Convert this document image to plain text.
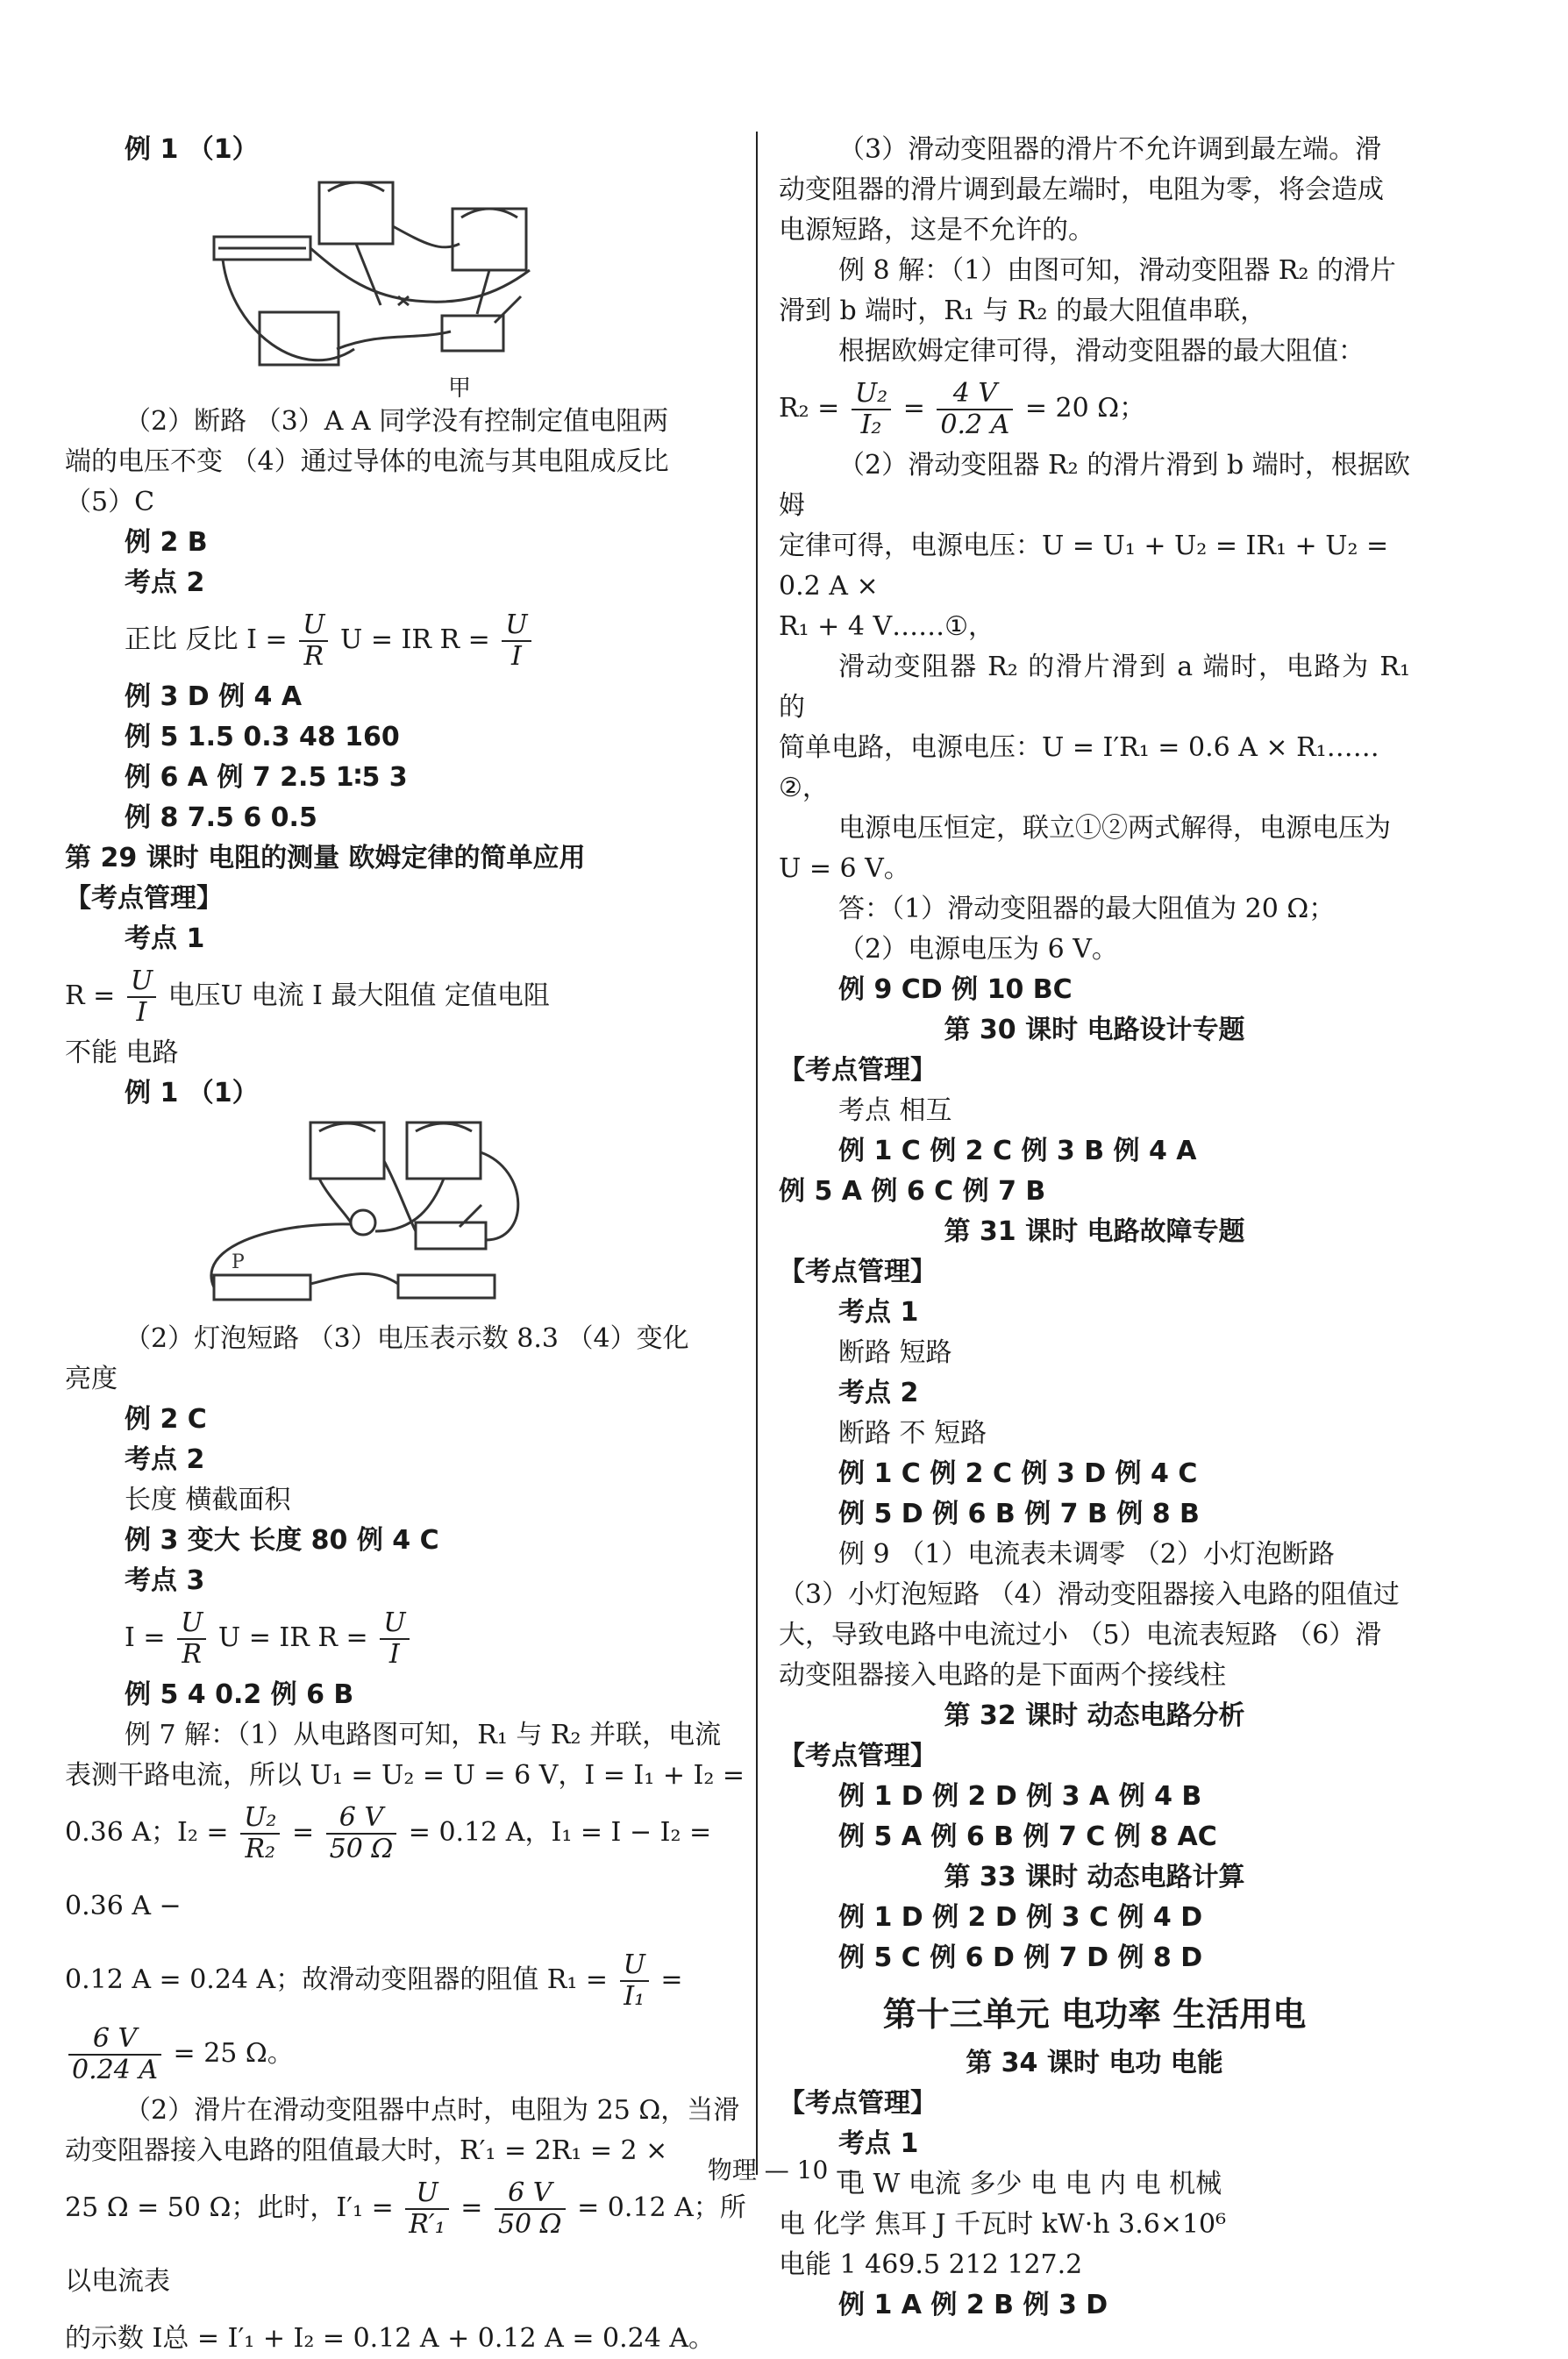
例 1 （1）
甲
（2）断路 （3）A A 同学没有控制定值电阻两
端的电压不变 （4）通过导体的电流与其电阻成反比
（5）C
例 2 B
考点 2
正比 反比 $I = \frac{U}{R}$ U = IR $R = \frac{U}{I}$
例 3 D 例 4 A
例 5 1.5 0.3 48 160
例 6 A 例 7 2.5 1∶5 3
例 8 7.5 6 0.5
第 29 课时 电阻的测量 欧姆定律的简单应用
【考点管理】
考点 1
$R = \frac{U}{I}$ 电压U 电流 I 最大阻值 定值电阻
不能 电路
例 1 （1）
P
（2）灯泡短路 （3）电压表示数 8.3 （4）变化
亮度
例 2 C
考点 2
长度 横截面积
例 3 变大 长度 80 例 4 C
考点 3
$I = \frac{U}{R}$ U = IR $R = \frac{U}{I}$
例 5 4 0.2 例 6 B
例 7 解：（1）从电路图可知，R₁ 与 R₂ 并联，电流
表测干路电流，所以 U₁ = U₂ = U = 6 V，I = I₁ + I₂ =
0.36 A；$I_2 = \frac{\text{U₂}}{\text{R₂}} = \frac{6 V}{50 \Omega} = 0.12$ A，I₁ = I − I₂ = 0.36 A −
0.12 A = 0.24 A；故滑动变阻器的阻值 $R_1 = \frac{U}{\text{I₁}}$ =
$\frac{6 V}{0.24 A} = 25$ Ω。
（2）滑片在滑动变阻器中点时，电阻为 25 Ω，当滑
动变阻器接入电路的阻值最大时，R′₁ = 2R₁ = 2 ×
25 Ω = 50 Ω；此时，$I'_1 = \frac{U}{\text{R′₁}} = \frac{6 V}{50 \Omega} = 0.12$ A；所以电流表
的示数 I总 = I′₁ + I₂ = 0.12 A + 0.12 A = 0.24 A。
（3）滑动变阻器的滑片不允许调到最左端。滑
动变阻器的滑片调到最左端时，电阻为零，将会造成
电源短路，这是不允许的。
例 8 解：（1）由图可知，滑动变阻器 R₂ 的滑片
滑到 b 端时，R₁ 与 R₂ 的最大阻值串联，
根据欧姆定律可得，滑动变阻器的最大阻值：
$R_2 = \frac{\text{U₂}}{\text{I₂}} = \frac{4 V}{0.2 A} = 20$ Ω；
（2）滑动变阻器 R₂ 的滑片滑到 b 端时，根据欧姆
定律可得，电源电压：U = U₁ + U₂ = IR₁ + U₂ = 0.2 A ×
R₁ + 4 V……①，
滑动变阻器 R₂ 的滑片滑到 a 端时，电路为 R₁ 的
简单电路，电源电压：U = I′R₁ = 0.6 A × R₁……②，
电源电压恒定，联立①②两式解得，电源电压为
U = 6 V。
答：（1）滑动变阻器的最大阻值为 20 Ω；
（2）电源电压为 6 V。
例 9 CD 例 10 BC
第 30 课时 电路设计专题
【考点管理】
考点 相互
例 1 C 例 2 C 例 3 B 例 4 A
例 5 A 例 6 C 例 7 B
第 31 课时 电路故障专题
【考点管理】
考点 1
断路 短路
考点 2
断路 不 短路
例 1 C 例 2 C 例 3 D 例 4 C
例 5 D 例 6 B 例 7 B 例 8 B
例 9 （1）电流表未调零 （2）小灯泡断路
（3）小灯泡短路 （4）滑动变阻器接入电路的阻值过
大，导致电路中电流过小 （5）电流表短路 （6）滑
动变阻器接入电路的是下面两个接线柱
第 32 课时 动态电路分析
【考点管理】
例 1 D 例 2 D 例 3 A 例 4 B
例 5 A 例 6 B 例 7 C 例 8 AC
第 33 课时 动态电路计算
例 1 D 例 2 D 例 3 C 例 4 D
例 5 C 例 6 D 例 7 D 例 8 D
第十三单元 电功率 生活用电
第 34 课时 电功 电能
【考点管理】
考点 1
电 W 电流 多少 电 电 内 电 机械
电 化学 焦耳 J 千瓦时 kW·h 3.6×10⁶
电能 1 469.5 212 127.2
例 1 A 例 2 B 例 3 D
物理 — 10 —
